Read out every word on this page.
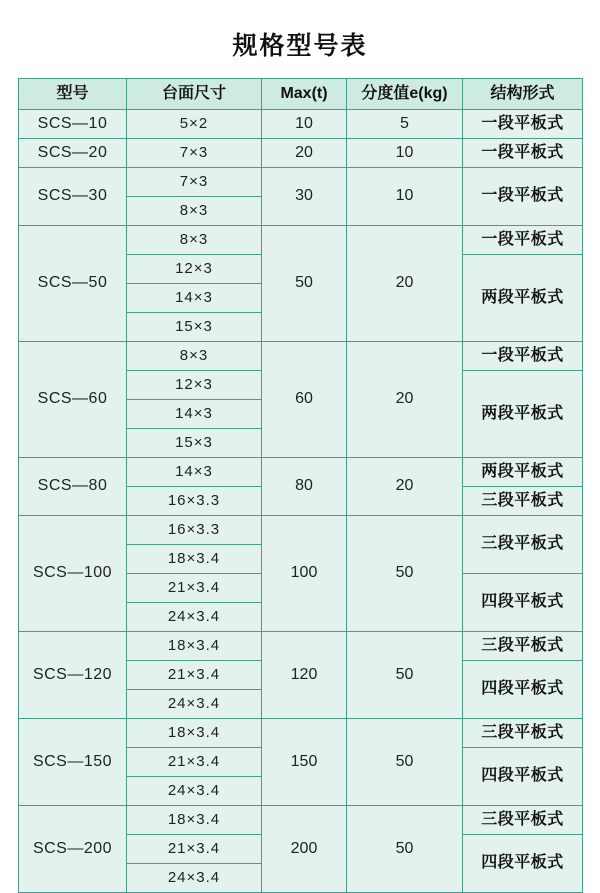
规格型号表
型号	台面尺寸	Max(t)	分度值e(kg)	结构形式
SCS—10	5×2	10	5	一段平板式
SCS—20	7×3	20	10	一段平板式
SCS—30	7×3	30	10	一段平板式
	8×3			
SCS—50	8×3	50	20	一段平板式
	12×3			两段平板式
	14×3			
	15×3			
SCS—60	8×3	60	20	一段平板式
	12×3			两段平板式
	14×3			
	15×3			
SCS—80	14×3	80	20	两段平板式
	16×3.3			三段平板式
SCS—100	16×3.3	100	50	三段平板式
	18×3.4			
	21×3.4			四段平板式
	24×3.4			
SCS—120	18×3.4	120	50	三段平板式
	21×3.4			四段平板式
	24×3.4			
SCS—150	18×3.4	150	50	三段平板式
	21×3.4			四段平板式
	24×3.4			
SCS—200	18×3.4	200	50	三段平板式
	21×3.4			四段平板式
	24×3.4			
